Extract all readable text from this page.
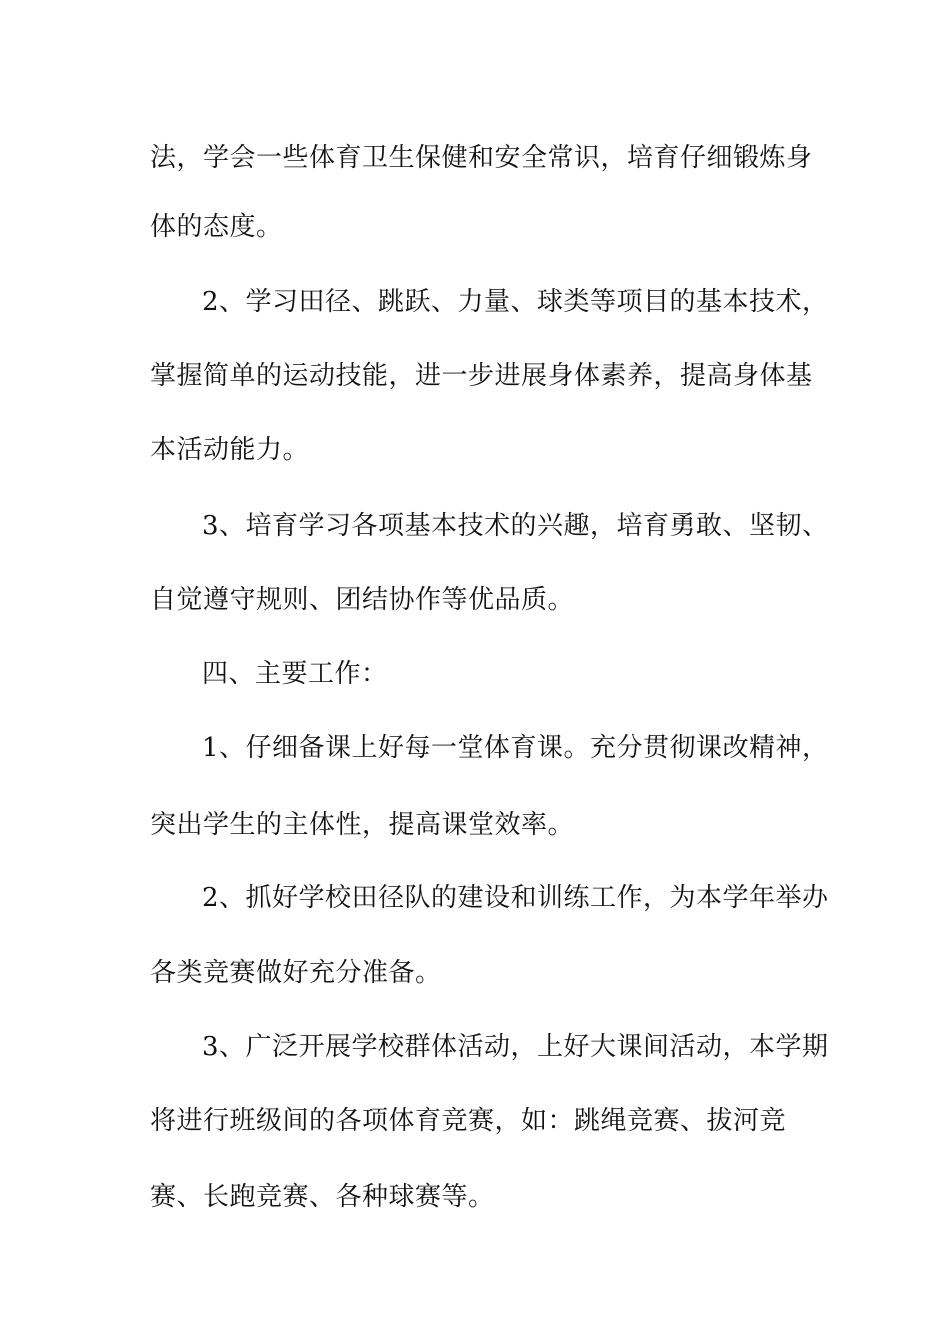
法，学会一些体育卫生保健和安全常识，培育仔细锻炼身
体的态度。
2、学习田径、跳跃、力量、球类等项目的基本技术，
掌握简单的运动技能，进一步进展身体素养，提高身体基
本活动能力。
3、培育学习各项基本技术的兴趣，培育勇敢、坚韧、
自觉遵守规则、团结协作等优品质。
四、主要工作：
1、仔细备课上好每一堂体育课。充分贯彻课改精神，
突出学生的主体性，提高课堂效率。
2、抓好学校田径队的建设和训练工作，为本学年举办
各类竞赛做好充分准备。
3、广泛开展学校群体活动，上好大课间活动，本学期
将进行班级间的各项体育竞赛，如：跳绳竞赛、拔河竞
赛、长跑竞赛、各种球赛等。
